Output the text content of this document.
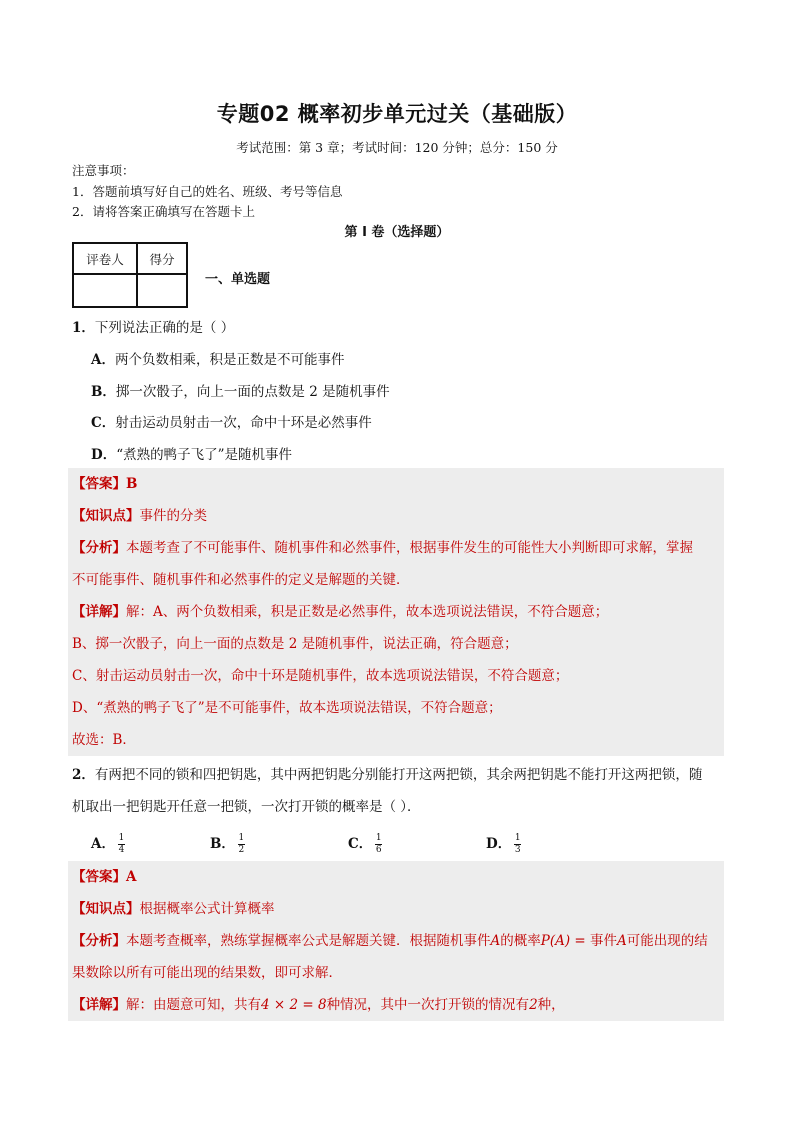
专题02 概率初步单元过关（基础版）
考试范围：第 3 章；考试时间：120 分钟；总分：150 分
注意事项：
1．答题前填写好自己的姓名、班级、考号等信息
2．请将答案正确填写在答题卡上
第 I 卷（选择题）
评卷人	得分

一、单选题
1．下列说法正确的是（ ）
A．两个负数相乘，积是正数是不可能事件
B．掷一次骰子，向上一面的点数是 2 是随机事件
C．射击运动员射击一次，命中十环是必然事件
D．“煮熟的鸭子飞了”是随机事件
【答案】B
【知识点】事件的分类
【分析】本题考查了不可能事件、随机事件和必然事件，根据事件发生的可能性大小判断即可求解，掌握
不可能事件、随机事件和必然事件的定义是解题的关键．
【详解】解：A、两个负数相乘，积是正数是必然事件，故本选项说法错误，不符合题意；
B、掷一次骰子，向上一面的点数是 2 是随机事件，说法正确，符合题意；
C、射击运动员射击一次，命中十环是随机事件，故本选项说法错误，不符合题意；
D、“煮熟的鸭子飞了”是不可能事件，故本选项说法错误，不符合题意；
故选：B．
2．有两把不同的锁和四把钥匙，其中两把钥匙分别能打开这两把锁，其余两把钥匙不能打开这两把锁，随
机取出一把钥匙开任意一把锁，一次打开锁的概率是（ ）．
A． $\frac{1}{4}$	B． $\frac{1}{2}$	C． $\frac{1}{6}$	D． $\frac{1}{3}$
【答案】A
【知识点】根据概率公式计算概率
【分析】本题考查概率，熟练掌握概率公式是解题关键．根据随机事件A的概率P(A) = 事件A可能出现的结
果数除以所有可能出现的结果数，即可求解．
【详解】解：由题意可知，共有4 × 2 = 8种情况，其中一次打开锁的情况有2种，
